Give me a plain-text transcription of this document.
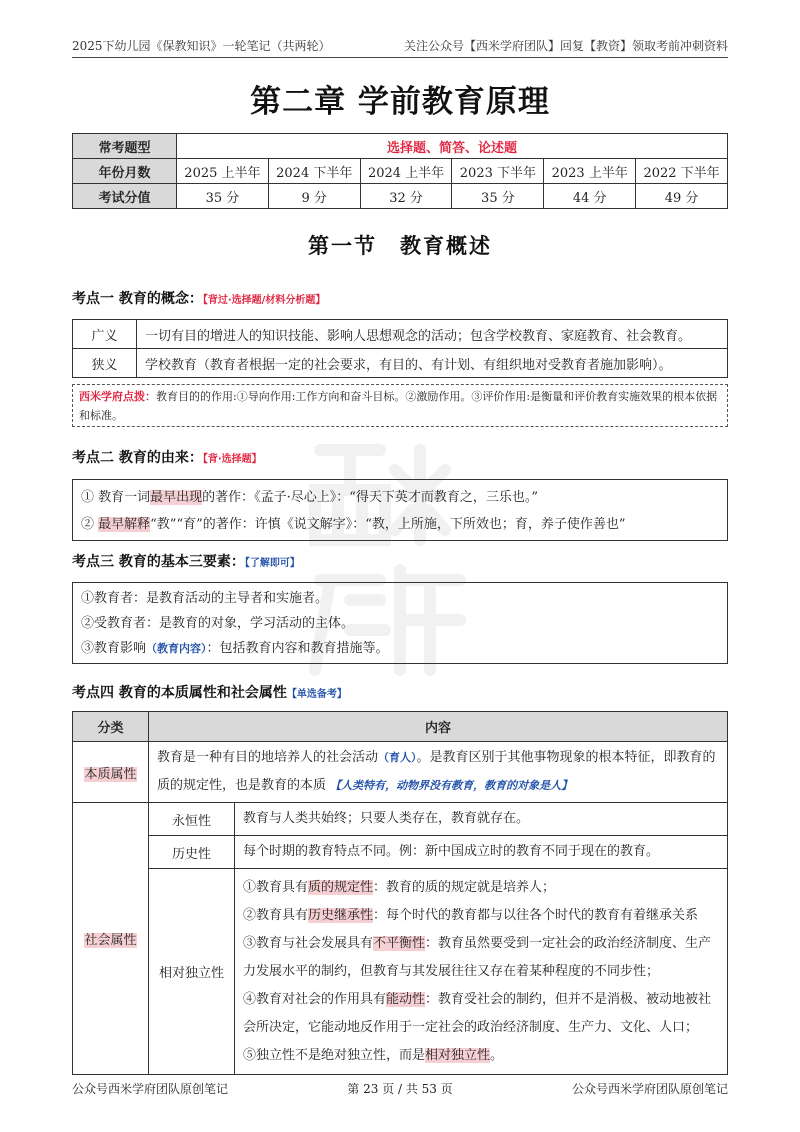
2025下幼儿园《保教知识》一轮笔记（共两轮）	关注公众号【西米学府团队】回复【教资】领取考前冲刺资料
第二章 学前教育原理
常考题型	选择题、简答、论述题					
年份月数	2025 上半年	2024 下半年	2024 上半年	2023 下半年	2023 上半年	2022 下半年
考试分值	35 分	9 分	32 分	35 分	44 分	49 分
第一节　教育概述
考点一 教育的概念：【背过·选择题/材料分析题】
广义	一切有目的增进人的知识技能、影响人思想观念的活动；包含学校教育、家庭教育、社会教育。
狭义	学校教育（教育者根据一定的社会要求，有目的、有计划、有组织地对受教育者施加影响）。
西米学府点拨：教育目的的作用:①导向作用:工作方向和奋斗目标。②激励作用。③评价作用:是衡量和评价教育实施效果的根本依据和标准。
考点二 教育的由来：【背·选择题】
① 教育一词最早出现的著作：《孟子·尽心上》：“得天下英才而教育之，三乐也。”
② 最早解释“教”“育”的著作：许慎《说文解字》：“教，上所施，下所效也；育，养子使作善也”
考点三 教育的基本三要素：【了解即可】
①教育者：是教育活动的主导者和实施者。
②受教育者：是教育的对象，学习活动的主体。
③教育影响（教育内容）：包括教育内容和教育措施等。
考点四 教育的本质属性和社会属性【单选备考】
分类	内容	
本质属性	教育是一种有目的地培养人的社会活动（育人）。是教育区别于其他事物现象的根本特征，即教育的质的规定性，也是教育的本质 【人类特有，动物界没有教育，教育的对象是人】	
社会属性	永恒性	教育与人类共始终；只要人类存在，教育就存在。
	历史性	每个时期的教育特点不同。例：新中国成立时的教育不同于现在的教育。
	相对独立性	①教育具有质的规定性：教育的质的规定就是培养人；
②教育具有历史继承性：每个时代的教育都与以往各个时代的教育有着继承关系
③教育与社会发展具有不平衡性：教育虽然要受到一定社会的政治经济制度、生产力发展水平的制约，但教育与其发展往往又存在着某种程度的不同步性；
④教育对社会的作用具有能动性：教育受社会的制约，但并不是消极、被动地被社会所决定，它能动地反作用于一定社会的政治经济制度、生产力、文化、人口；
⑤独立性不是绝对独立性，而是相对独立性。
公众号西米学府团队原创笔记	第 23 页 / 共 53 页	公众号西米学府团队原创笔记
